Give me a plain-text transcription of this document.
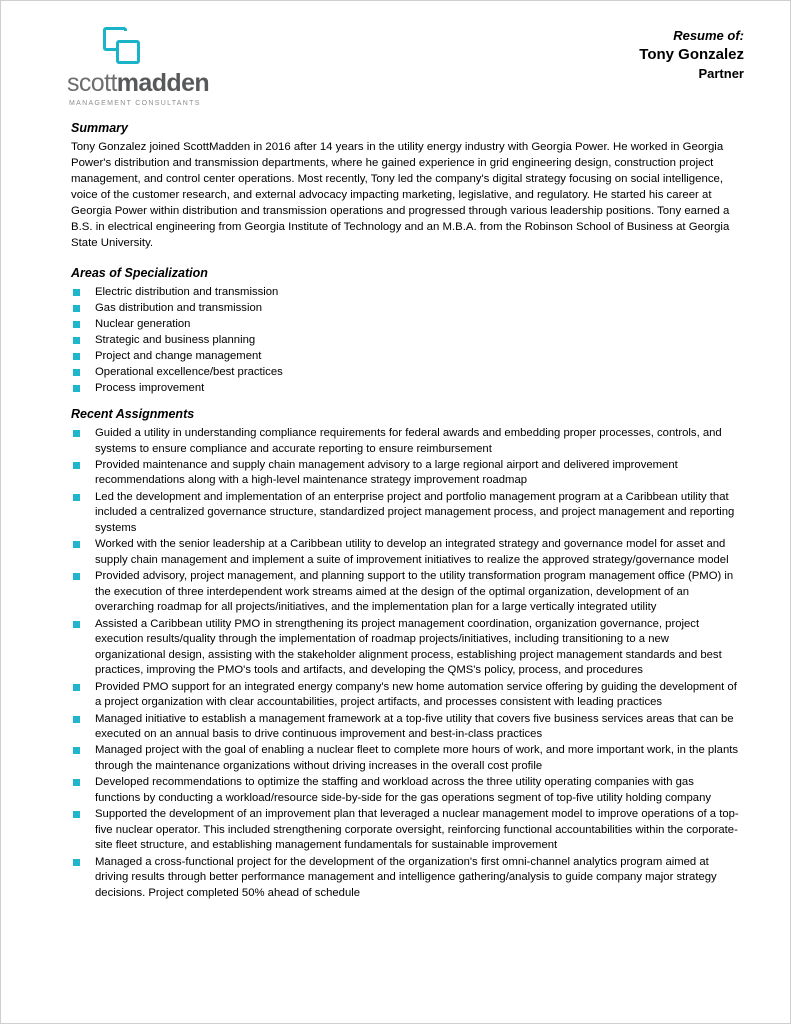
scottmadden
MANAGEMENT CONSULTANTS
Resume of:
Tony Gonzalez
Partner
Summary

Tony Gonzalez joined ScottMadden in 2016 after 14 years in the utility energy industry with Georgia Power. He worked in Georgia Power's distribution and transmission departments, where he gained experience in grid engineering design, construction project management, and control center operations. Most recently, Tony led the company's digital strategy focusing on social intelligence, voice of the customer research, and external advocacy impacting marketing, legislative, and regulatory. He started his career at Georgia Power within distribution and transmission operations and progressed through various leadership positions. Tony earned a B.S. in electrical engineering from Georgia Institute of Technology and an M.B.A. from the Robinson School of Business at Georgia State University.

Areas of Specialization
Electric distribution and transmission
Gas distribution and transmission
Nuclear generation
Strategic and business planning
Project and change management
Operational excellence/best practices
Process improvement
Recent Assignments
Guided a utility in understanding compliance requirements for federal awards and embedding proper processes, controls, and systems to ensure compliance and accurate reporting to ensure reimbursement
Provided maintenance and supply chain management advisory to a large regional airport and delivered improvement recommendations along with a high-level maintenance strategy improvement roadmap
Led the development and implementation of an enterprise project and portfolio management program at a Caribbean utility that included a centralized governance structure, standardized project management process, and project management and reporting systems
Worked with the senior leadership at a Caribbean utility to develop an integrated strategy and governance model for asset and supply chain management and implement a suite of improvement initiatives to realize the approved strategy/governance model
Provided advisory, project management, and planning support to the utility transformation program management office (PMO) in the execution of three interdependent work streams aimed at the design of the optimal organization, development of an overarching roadmap for all projects/initiatives, and the implementation plan for a large vertically integrated utility
Assisted a Caribbean utility PMO in strengthening its project management coordination, organization governance, project execution results/quality through the implementation of roadmap projects/initiatives, including transitioning to a new organizational design, assisting with the stakeholder alignment process, establishing project management standards and best practices, improving the PMO's tools and artifacts, and developing the QMS's policy, process, and procedures
Provided PMO support for an integrated energy company's new home automation service offering by guiding the development of a project organization with clear accountabilities, project artifacts, and processes consistent with leading practices
Managed initiative to establish a management framework at a top-five utility that covers five business services areas that can be executed on an annual basis to drive continuous improvement and best-in-class practices
Managed project with the goal of enabling a nuclear fleet to complete more hours of work, and more important work, in the plants through the maintenance organizations without driving increases in the overall cost profile
Developed recommendations to optimize the staffing and workload across the three utility operating companies with gas functions by conducting a workload/resource side-by-side for the gas operations segment of top-five utility holding company
Supported the development of an improvement plan that leveraged a nuclear management model to improve operations of a top-five nuclear operator. This included strengthening corporate oversight, reinforcing functional accountabilities within the corporate-site fleet structure, and establishing management fundamentals for sustainable improvement
Managed a cross-functional project for the development of the organization's first omni-channel analytics program aimed at driving results through better performance management and intelligence gathering/analysis to guide company major strategy decisions. Project completed 50% ahead of schedule
